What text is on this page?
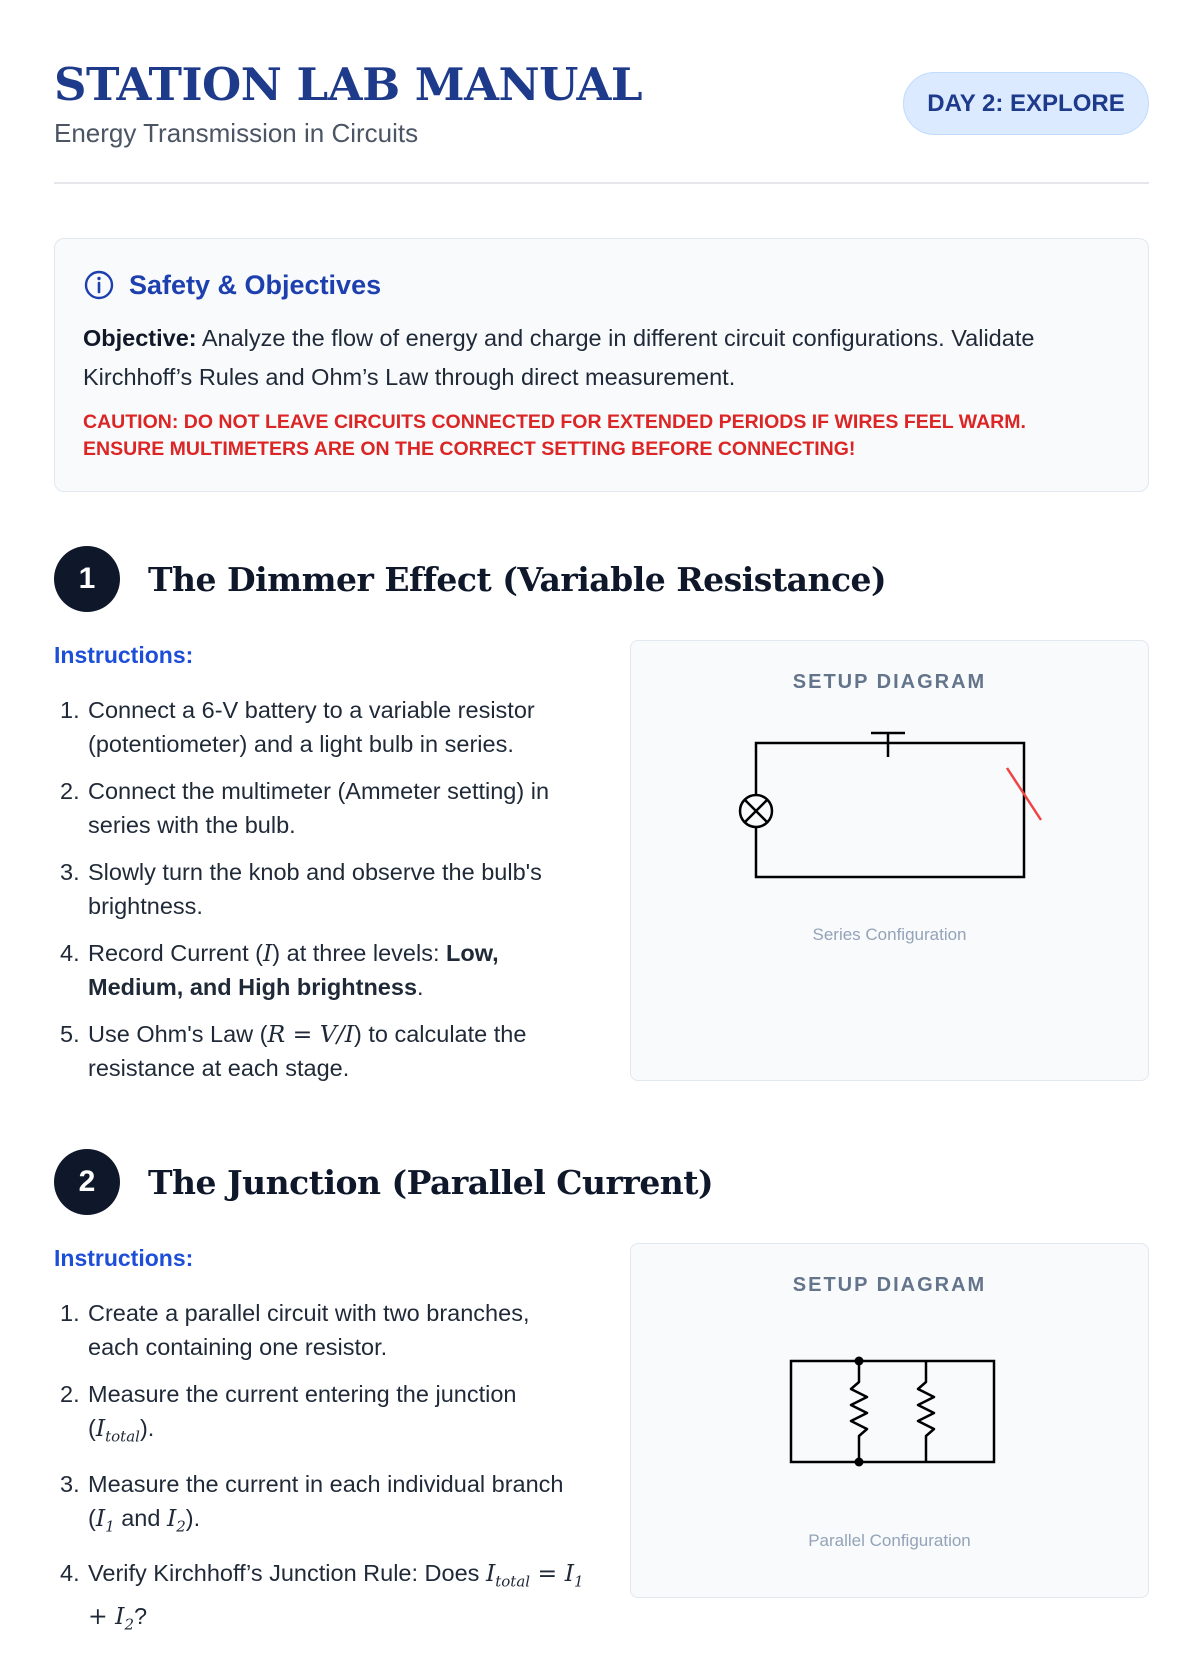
STATION LAB MANUAL
Energy Transmission in Circuits
DAY 2: EXPLORE
Safety & Objectives
Objective: Analyze the flow of energy and charge in different circuit configurations. Validate Kirchhoff’s Rules and Ohm’s Law through direct measurement.
CAUTION: DO NOT LEAVE CIRCUITS CONNECTED FOR EXTENDED PERIODS IF WIRES FEEL WARM.
ENSURE MULTIMETERS ARE ON THE CORRECT SETTING BEFORE CONNECTING!
1	The Dimmer Effect (Variable Resistance)
Instructions:
1. Connect a 6-V battery to a variable resistor (potentiometer) and a light bulb in series.
2. Connect the multimeter (Ammeter setting) in series with the bulb.
3. Slowly turn the knob and observe the bulb's brightness.
4. Record Current (I) at three levels: Low, Medium, and High brightness.
5. Use Ohm's Law (R = V/I) to calculate the resistance at each stage.
SETUP DIAGRAM
Series Configuration
2	The Junction (Parallel Current)
Instructions:
1. Create a parallel circuit with two branches, each containing one resistor.
2. Measure the current entering the junction $(I_{total})$.
3. Measure the current in each individual branch ($I_1$ and $I_2$).
4. Verify Kirchhoff’s Junction Rule: Does $I_{total} = I_1 + I_2$?
SETUP DIAGRAM
Parallel Configuration
